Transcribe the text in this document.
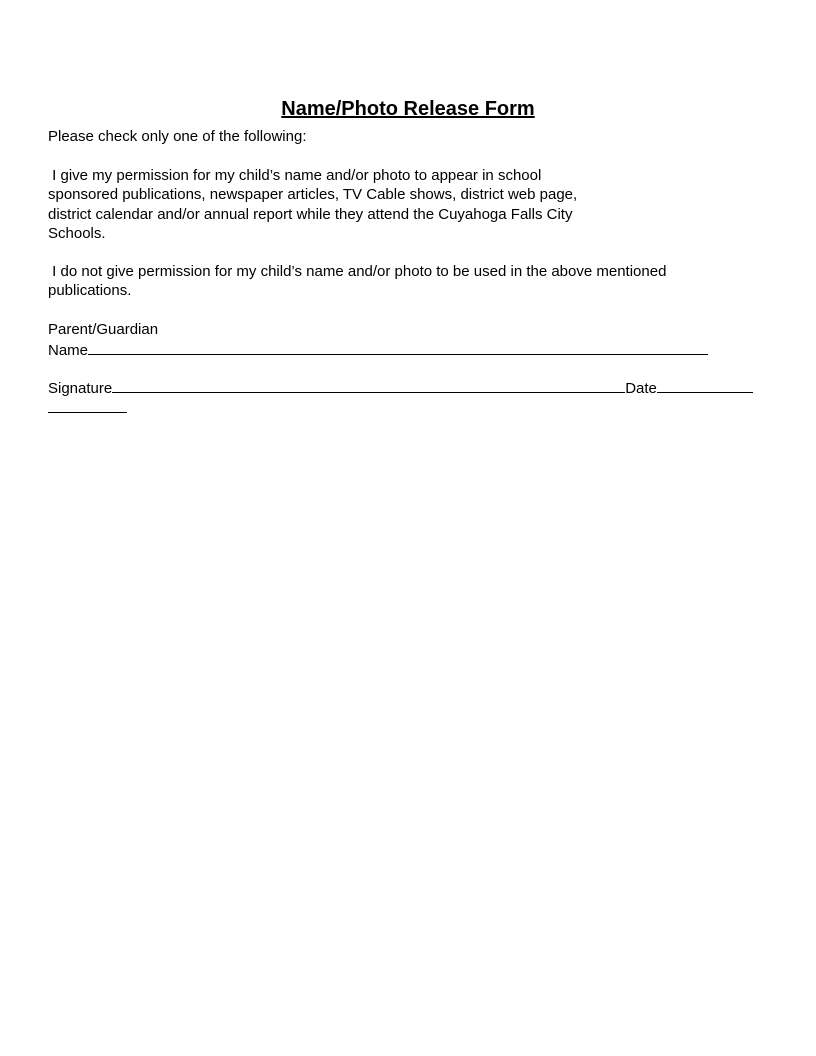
Name/Photo Release Form
Please check only one of the following:
I give my permission for my child’s name and/or photo to appear in school
sponsored publications, newspaper articles, TV Cable shows, district web page,
district calendar and/or annual report while they attend the Cuyahoga Falls City
Schools.
I do not give permission for my child’s name and/or photo to be used in the above mentioned
publications.
Parent/Guardian
Name
Signature	Date
